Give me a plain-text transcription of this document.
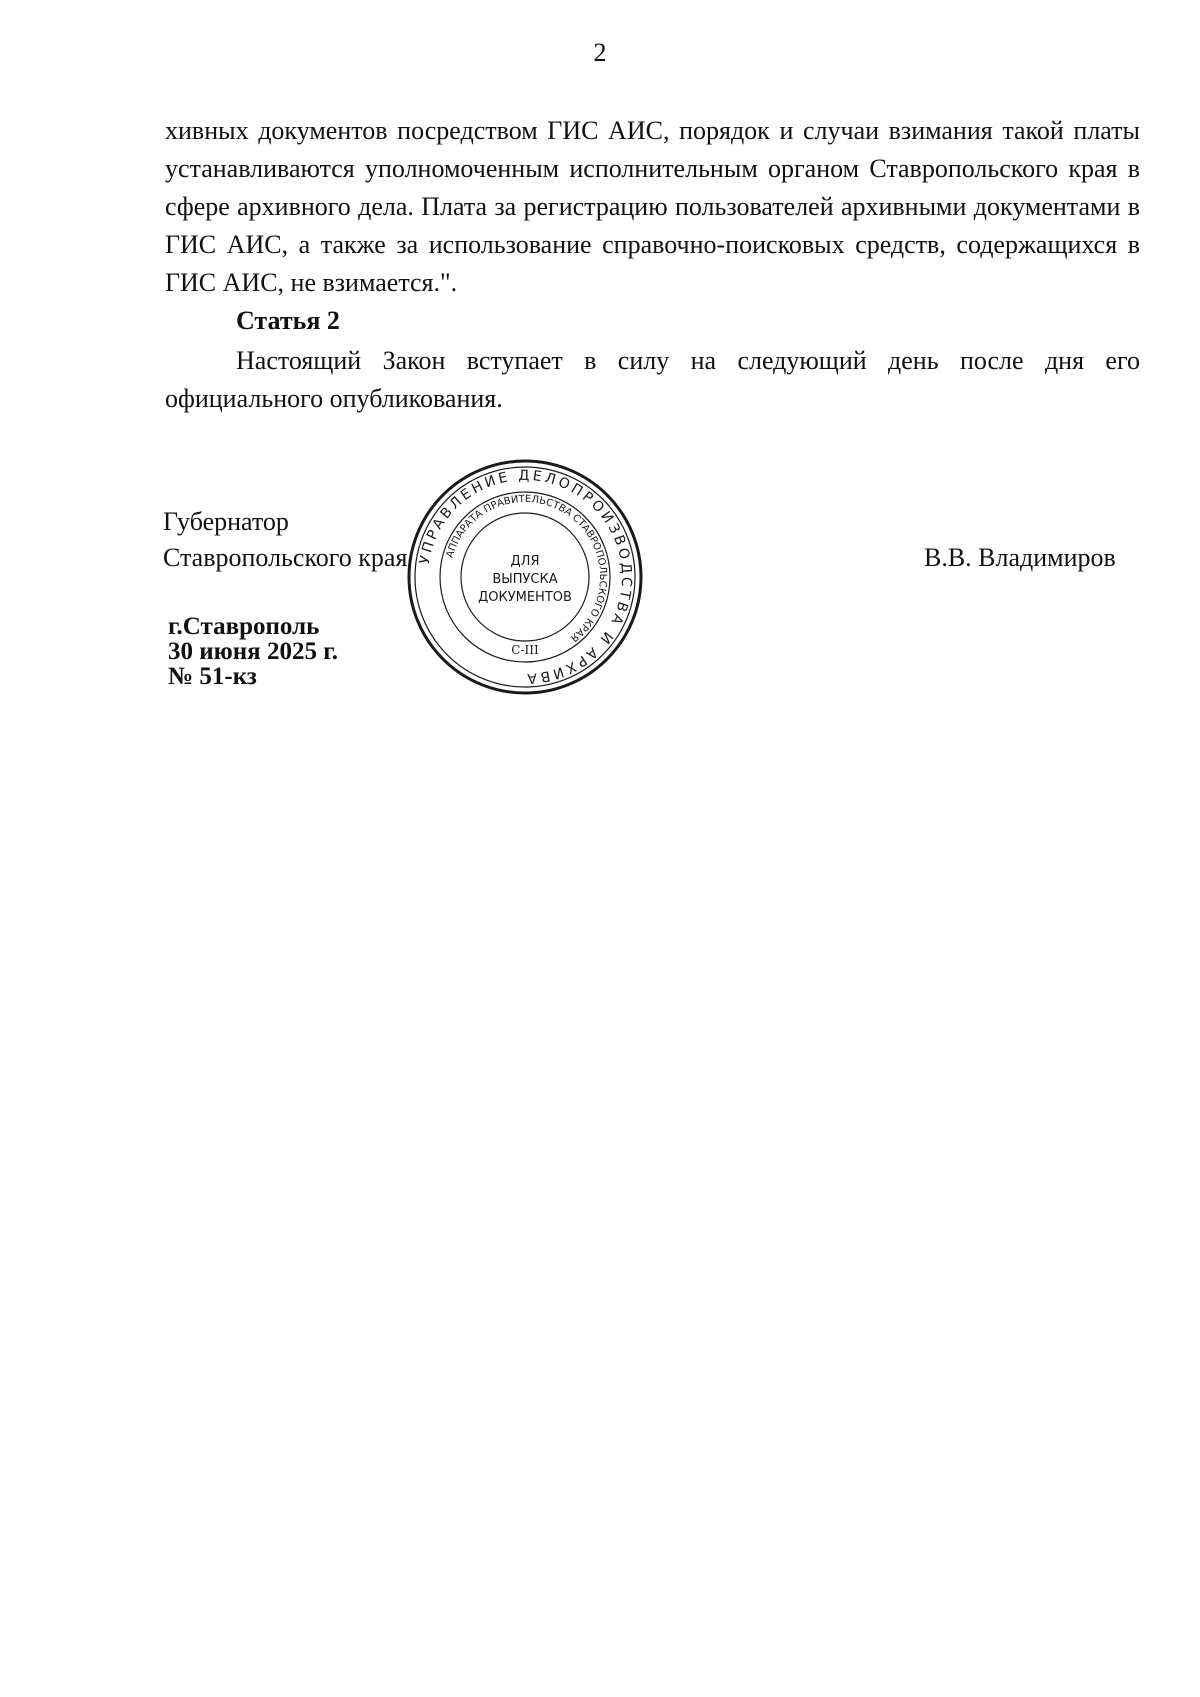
2

хивных документов посредством ГИС АИС, порядок и случаи взимания такой платы устанавливаются уполномоченным исполнительным органом Ставропольского края в сфере архивного дела. Плата за регистрацию пользователей архивными документами в ГИС АИС, а также за использование справочно-поисковых средств, содержащихся в ГИС АИС, не взимается.".

Статья 2

Настоящий Закон вступает в силу на следующий день после дня его официального опубликования.

Губернатор
Ставропольского края	В.В. Владимиров
г.Ставрополь
30 июня 2025 г.
№ 51-кз
УПРАВЛЕНИЕ ДЕЛОПРОИЗВОДСТВА И АРХИВА
АППАРАТА ПРАВИТЕЛЬСТВА СТАВРОПОЛЬСКОГО КРАЯ
ДЛЯ
ВЫПУСКА
ДОКУМЕНТОВ
С-III
